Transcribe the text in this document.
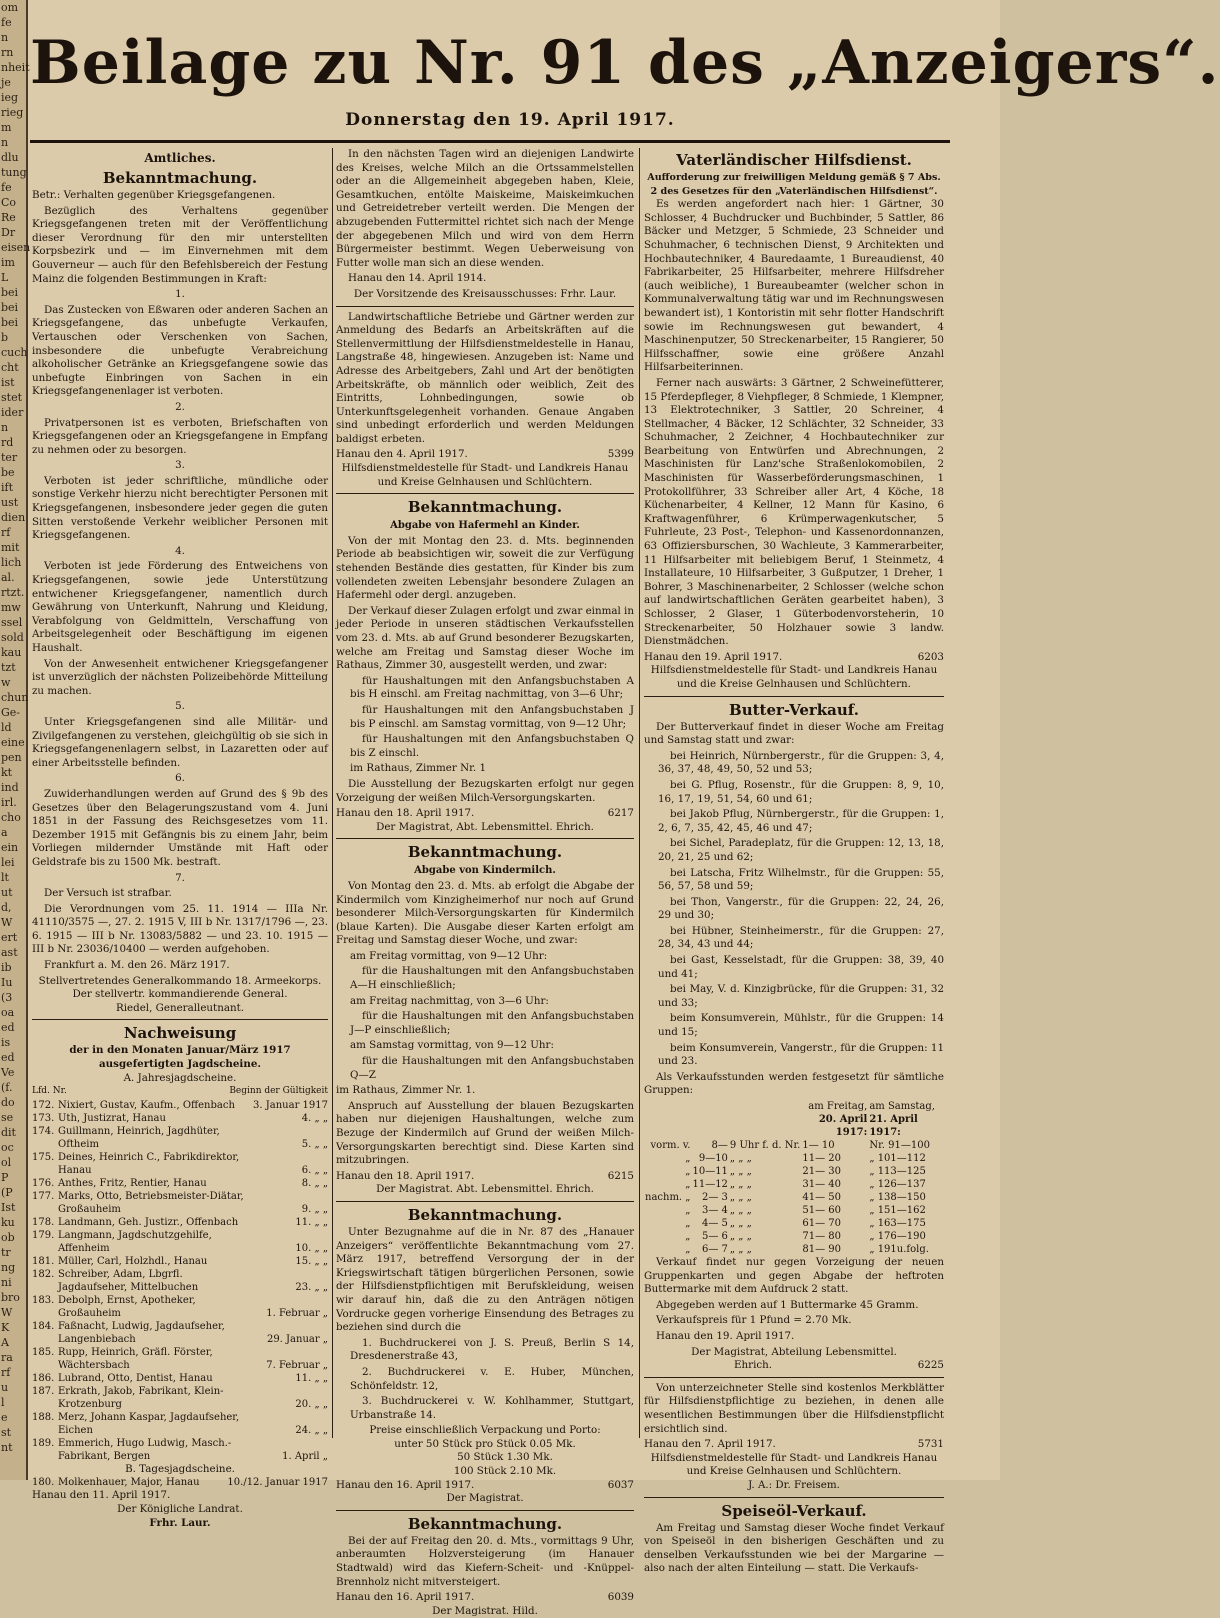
om
fe
n
rn
nheit
je
ieg
rieg
m
n
dlu
tung
fe
Co
Re
Dr
eisen
im
L
bei
bei
bei
b
cuch
cht
ist
stet
ider
n
rd
ter
be
ift
ust
dien
rf
mit
lich
al.
rtzt.
mw
ssel
sold
kau
tzt
w
chun
Ge-
ld
eine
pen
kt
ind
irl.
cho
a
ein
lei
lt
ut
d,
W
ert
ast
ib
Iu
(3
oa
ed
is
ed
Ve
(f.
do
se
dit
oc
ol
P
(P
Ist
ku
ob
tr
ng
ni
bro
W
K
A
ra
rf
u
l
e
st
nt
Beilage zu Nr. 91 des „Anzeigers“.
Donnerstag den 19. April 1917.
Amtliches.
Bekanntmachung.

Betr.: Verhalten gegenüber Kriegsgefangenen.

Bezüglich des Verhaltens gegenüber Kriegsgefangenen treten mit der Veröffentlichung dieser Verordnung für den mir unterstellten Korpsbezirk und — im Einvernehmen mit dem Gouverneur — auch für den Befehlsbereich der Festung Mainz die folgenden Bestimmungen in Kraft:

1.

Das Zustecken von Eßwaren oder anderen Sachen an Kriegsgefangene, das unbefugte Verkaufen, Vertauschen oder Verschenken von Sachen, insbesondere die unbefugte Verabreichung alkoholischer Getränke an Kriegsgefangene sowie das unbefugte Einbringen von Sachen in ein Kriegsgefangenenlager ist verboten.

2.

Privatpersonen ist es verboten, Briefschaften von Kriegsgefangenen oder an Kriegsgefangene in Empfang zu nehmen oder zu besorgen.

3.

Verboten ist jeder schriftliche, mündliche oder sonstige Verkehr hierzu nicht berechtigter Personen mit Kriegsgefangenen, insbesondere jeder gegen die guten Sitten verstoßende Verkehr weiblicher Personen mit Kriegsgefangenen.

4.

Verboten ist jede Förderung des Entweichens von Kriegsgefangenen, sowie jede Unterstützung entwichener Kriegsgefangener, namentlich durch Gewährung von Unterkunft, Nahrung und Kleidung, Verabfolgung von Geldmitteln, Verschaffung von Arbeitsgelegenheit oder Beschäftigung im eigenen Haushalt.

Von der Anwesenheit entwichener Kriegsgefangener ist unverzüglich der nächsten Polizeibehörde Mitteilung zu machen.

5.

Unter Kriegsgefangenen sind alle Militär- und Zivilgefangenen zu verstehen, gleichgültig ob sie sich in Kriegsgefangenenlagern selbst, in Lazaretten oder auf einer Arbeitsstelle befinden.

6.

Zuwiderhandlungen werden auf Grund des § 9b des Gesetzes über den Belagerungszustand vom 4. Juni 1851 in der Fassung des Reichsgesetzes vom 11. Dezember 1915 mit Gefängnis bis zu einem Jahr, beim Vorliegen mildernder Umstände mit Haft oder Geldstrafe bis zu 1500 Mk. bestraft.

7.

Der Versuch ist strafbar.

Die Verordnungen vom 25. 11. 1914 — IIIa Nr. 41110/3575 —, 27. 2. 1915 V, III b Nr. 1317/1796 —, 23. 6. 1915 — III b Nr. 13083/5882 — und 23. 10. 1915 — III b Nr. 23036/10400 — werden aufgehoben.

Frankfurt a. M. den 26. März 1917.

Stellvertretendes Generalkommando 18. Armeekorps.
Der stellvertr. kommandierende General.
Riedel, Generalleutnant.
Nachweisung
der in den Monaten Januar/März 1917 ausgefertigten Jagdscheine.
A. Jahresjagdscheine.
Lfd. Nr.	Beginn der Gültigkeit
172.	Nixiert, Gustav, Kaufm., Offenbach	3. Januar 1917
173.	Uth, Justizrat, Hanau	4. „ „
174.	Guillmann, Heinrich, Jagdhüter, Oftheim	5. „ „
175.	Deines, Heinrich C., Fabrikdirektor, Hanau	6. „ „
176.	Anthes, Fritz, Rentier, Hanau	8. „ „
177.	Marks, Otto, Betriebsmeister-Diätar, Großauheim	9. „ „
178.	Landmann, Geh. Justizr., Offenbach	11. „ „
179.	Langmann, Jagdschutzgehilfe, Affenheim	10. „ „
181.	Müller, Carl, Holzhdl., Hanau	15. „ „
182.	Schreiber, Adam, Lbgrfl. Jagdaufseher, Mittelbuchen	23. „ „
183.	Debolph, Ernst, Apotheker, Großauheim	1. Februar „
184.	Faßnacht, Ludwig, Jagdaufseher, Langenbiebach	29. Januar „
185.	Rupp, Heinrich, Gräfl. Förster, Wächtersbach	7. Februar „
186.	Lubrand, Otto, Dentist, Hanau	11. „ „
187.	Erkrath, Jakob, Fabrikant, Klein-Krotzenburg	20. „ „
188.	Merz, Johann Kaspar, Jagdaufseher, Eichen	24. „ „
189.	Emmerich, Hugo Ludwig, Masch.-Fabrikant, Bergen	1. April „
B. Tagesjagdscheine.
180.	Molkenhauer, Major, Hanau	10./12. Januar 1917
Hanau den 11. April 1917.
Der Königliche Landrat.
Frhr. Laur.

In den nächsten Tagen wird an diejenigen Landwirte des Kreises, welche Milch an die Ortssammelstellen oder an die Allgemeinheit abgegeben haben, Kleie, Gesamtkuchen, entölte Maiskeime, Maiskeimkuchen und Getreidetreber verteilt werden. Die Mengen der abzugebenden Futtermittel richtet sich nach der Menge der abgegebenen Milch und wird von dem Herrn Bürgermeister bestimmt. Wegen Ueberweisung von Futter wolle man sich an diese wenden.

Hanau den 14. April 1914.

Der Vorsitzende des Kreisausschusses: Frhr. Laur.

Landwirtschaftliche Betriebe und Gärtner werden zur Anmeldung des Bedarfs an Arbeitskräften auf die Stellenvermittlung der Hilfsdienstmeldestelle in Hanau, Langstraße 48, hingewiesen. Anzugeben ist: Name und Adresse des Arbeitgebers, Zahl und Art der benötigten Arbeitskräfte, ob männlich oder weiblich, Zeit des Eintritts, Lohnbedingungen, sowie ob Unterkunftsgelegenheit vorhanden. Genaue Angaben sind unbedingt erforderlich und werden Meldungen baldigst erbeten.

Hanau den 4. April 1917.	5399
Hilfsdienstmeldestelle für Stadt- und Landkreis Hanau und Kreise Gelnhausen und Schlüchtern.
Bekanntmachung.
Abgabe von Hafermehl an Kinder.

Von der mit Montag den 23. d. Mts. beginnenden Periode ab beabsichtigen wir, soweit die zur Verfügung stehenden Bestände dies gestatten, für Kinder bis zum vollendeten zweiten Lebensjahr besondere Zulagen an Hafermehl oder dergl. anzugeben.

Der Verkauf dieser Zulagen erfolgt und zwar einmal in jeder Periode in unseren städtischen Verkaufsstellen vom 23. d. Mts. ab auf Grund besonderer Bezugskarten, welche am Freitag und Samstag dieser Woche im Rathaus, Zimmer 30, ausgestellt werden, und zwar:

für Haushaltungen mit den Anfangsbuchstaben A bis H einschl. am Freitag nachmittag, von 3—6 Uhr;

für Haushaltungen mit den Anfangsbuchstaben J bis P einschl. am Samstag vormittag, von 9—12 Uhr;

für Haushaltungen mit den Anfangsbuchstaben Q bis Z einschl.

im Rathaus, Zimmer Nr. 1

Die Ausstellung der Bezugskarten erfolgt nur gegen Vorzeigung der weißen Milch-Versorgungskarten.

Hanau den 18. April 1917.	6217
Der Magistrat, Abt. Lebensmittel. Ehrich.
Bekanntmachung.
Abgabe von Kindermilch.

Von Montag den 23. d. Mts. ab erfolgt die Abgabe der Kindermilch vom Kinzigheimerhof nur noch auf Grund besonderer Milch-Versorgungskarten für Kindermilch (blaue Karten). Die Ausgabe dieser Karten erfolgt am Freitag und Samstag dieser Woche, und zwar:

am Freitag vormittag, von 9—12 Uhr:

für die Haushaltungen mit den Anfangsbuchstaben A—H einschließlich;

am Freitag nachmittag, von 3—6 Uhr:

für die Haushaltungen mit den Anfangsbuchstaben J—P einschließlich;

am Samstag vormittag, von 9—12 Uhr:

für die Haushaltungen mit den Anfangsbuchstaben Q—Z

im Rathaus, Zimmer Nr. 1.

Anspruch auf Ausstellung der blauen Bezugskarten haben nur diejenigen Haushaltungen, welche zum Bezuge der Kindermilch auf Grund der weißen Milch-Versorgungskarten berechtigt sind. Diese Karten sind mitzubringen.

Hanau den 18. April 1917.	6215
Der Magistrat. Abt. Lebensmittel. Ehrich.
Bekanntmachung.

Unter Bezugnahme auf die in Nr. 87 des „Hanauer Anzeigers“ veröffentlichte Bekanntmachung vom 27. März 1917, betreffend Versorgung der in der Kriegswirtschaft tätigen bürgerlichen Personen, sowie der Hilfsdienstpflichtigen mit Berufskleidung, weisen wir darauf hin, daß die zu den Anträgen nötigen Vordrucke gegen vorherige Einsendung des Betrages zu beziehen sind durch die

1. Buchdruckerei von J. S. Preuß, Berlin S 14, Dresdenerstraße 43,

2. Buchdruckerei v. E. Huber, München, Schönfeldstr. 12,

3. Buchdruckerei v. W. Kohlhammer, Stuttgart, Urbanstraße 14.

Preise einschließlich Verpackung und Porto:
unter 50 Stück pro Stück 0.05 Mk.
50 Stück 1.30 Mk.
100 Stück 2.10 Mk.
Hanau den 16. April 1917.	6037
Der Magistrat.
Bekanntmachung.

Bei der auf Freitag den 20. d. Mts., vormittags 9 Uhr, anberaumten Holzversteigerung (im Hanauer Stadtwald) wird das Kiefern-Scheit- und -Knüppel-Brennholz nicht mitversteigert.

Hanau den 16. April 1917.	6039
Der Magistrat. Hild.
Vaterländischer Hilfsdienst.
Aufforderung zur freiwilligen Meldung gemäß § 7 Abs. 2 des Gesetzes für den „Vaterländischen Hilfsdienst“.

Es werden angefordert nach hier: 1 Gärtner, 30 Schlosser, 4 Buchdrucker und Buchbinder, 5 Sattler, 86 Bäcker und Metzger, 5 Schmiede, 23 Schneider und Schuhmacher, 6 technischen Dienst, 9 Architekten und Hochbautechniker, 4 Bauredaamte, 1 Bureaudienst, 40 Fabrikarbeiter, 25 Hilfsarbeiter, mehrere Hilfsdreher (auch weibliche), 1 Bureaubeamter (welcher schon in Kommunalverwaltung tätig war und im Rechnungswesen bewandert ist), 1 Kontoristin mit sehr flotter Handschrift sowie im Rechnungswesen gut bewandert, 4 Maschinenputzer, 50 Streckenarbeiter, 15 Rangierer, 50 Hilfsschaffner, sowie eine größere Anzahl Hilfsarbeiterinnen.

Ferner nach auswärts: 3 Gärtner, 2 Schweinefütterer, 15 Pferdepfleger, 8 Viehpfleger, 8 Schmiede, 1 Klempner, 13 Elektrotechniker, 3 Sattler, 20 Schreiner, 4 Stellmacher, 4 Bäcker, 12 Schlächter, 32 Schneider, 33 Schuhmacher, 2 Zeichner, 4 Hochbautechniker zur Bearbeitung von Entwürfen und Abrechnungen, 2 Maschinisten für Lanz'sche Straßenlokomobilen, 2 Maschinisten für Wasserbeförderungsmaschinen, 1 Protokollführer, 33 Schreiber aller Art, 4 Köche, 18 Küchenarbeiter, 4 Kellner, 12 Mann für Kasino, 6 Kraftwagenführer, 6 Krümperwagenkutscher, 5 Fuhrleute, 23 Post-, Telephon- und Kassenordonnanzen, 63 Offiziersburschen, 30 Wachleute, 3 Kammerarbeiter, 11 Hilfsarbeiter mit beliebigem Beruf, 1 Steinmetz, 4 Installateure, 10 Hilfsarbeiter, 3 Gußputzer, 1 Dreher, 1 Bohrer, 3 Maschinenarbeiter, 2 Schlosser (welche schon auf landwirtschaftlichen Geräten gearbeitet haben), 3 Schlosser, 2 Glaser, 1 Güterbodenvorsteherin, 10 Streckenarbeiter, 50 Holzhauer sowie 3 landw. Dienstmädchen.

Hanau den 19. April 1917.	6203
Hilfsdienstmeldestelle für Stadt- und Landkreis Hanau und die Kreise Gelnhausen und Schlüchtern.
Butter-Verkauf.

Der Butterverkauf findet in dieser Woche am Freitag und Samstag statt und zwar:

bei Heinrich, Nürnbergerstr., für die Gruppen: 3, 4, 36, 37, 48, 49, 50, 52 und 53;

bei G. Pflug, Rosenstr., für die Gruppen: 8, 9, 10, 16, 17, 19, 51, 54, 60 und 61;

bei Jakob Pflug, Nürnbergerstr., für die Gruppen: 1, 2, 6, 7, 35, 42, 45, 46 und 47;

bei Sichel, Paradeplatz, für die Gruppen: 12, 13, 18, 20, 21, 25 und 62;

bei Latscha, Fritz Wilhelmstr., für die Gruppen: 55, 56, 57, 58 und 59;

bei Thon, Vangerstr., für die Gruppen: 22, 24, 26, 29 und 30;

bei Hübner, Steinheimerstr., für die Gruppen: 27, 28, 34, 43 und 44;

bei Gast, Kesselstadt, für die Gruppen: 38, 39, 40 und 41;

bei May, V. d. Kinzigbrücke, für die Gruppen: 31, 32 und 33;

beim Konsumverein, Mühlstr., für die Gruppen: 14 und 15;

beim Konsumverein, Vangerstr., für die Gruppen: 11 und 23.

Als Verkaufsstunden werden festgesetzt für sämtliche Gruppen:

			am Freitag,	am Samstag,
			20. April 1917:	21. April 1917:
vorm. v.	8—	9 Uhr f. d. Nr.	1— 10	Nr. 91—100
„	9—10	„ „ „	11— 20	„ 101—112
„	10—11	„ „ „	21— 30	„ 113—125
„	11—12	„ „ „	31— 40	„ 126—137
nachm. „	2— 3	„ „ „	41— 50	„ 138—150
„	3— 4	„ „ „	51— 60	„ 151—162
„	4— 5	„ „ „	61— 70	„ 163—175
„	5— 6	„ „ „	71— 80	„ 176—190
„	6— 7	„ „ „	81— 90	„ 191u.folg.

Verkauf findet nur gegen Vorzeigung der neuen Gruppenkarten und gegen Abgabe der heftroten Buttermarke mit dem Aufdruck 2 statt.

Abgegeben werden auf 1 Buttermarke 45 Gramm.

Verkaufspreis für 1 Pfund = 2.70 Mk.

Hanau den 19. April 1917.

Der Magistrat, Abteilung Lebensmittel.
Ehrich.	6225

Von unterzeichneter Stelle sind kostenlos Merkblätter für Hilfsdienstpflichtige zu beziehen, in denen alle wesentlichen Bestimmungen über die Hilfsdienstpflicht ersichtlich sind.

Hanau den 7. April 1917.	5731
Hilfsdienstmeldestelle für Stadt- und Landkreis Hanau und Kreise Gelnhausen und Schlüchtern.
J. A.: Dr. Freisem.
Speiseöl-Verkauf.

Am Freitag und Samstag dieser Woche findet Verkauf von Speiseöl in den bisherigen Geschäften und zu denselben Verkaufsstunden wie bei der Margarine — also nach der alten Einteilung — statt. Die Verkaufs-
